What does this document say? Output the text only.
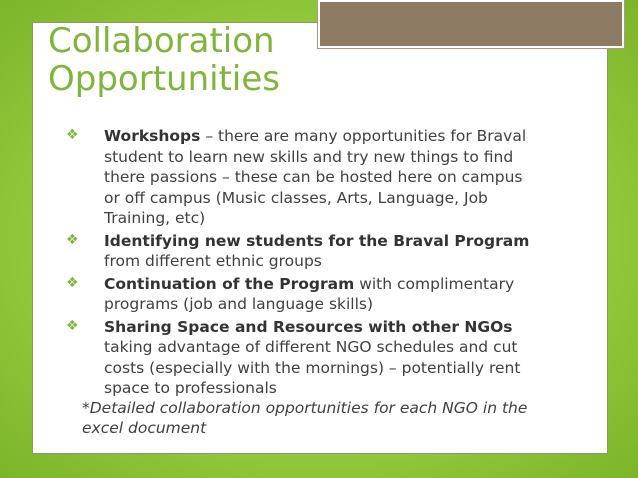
Collaboration
Opportunities
❖ Workshops – there are many opportunities for Braval student to learn new skills and try new things to find there passions – these can be hosted here on campus or off campus (Music classes, Arts, Language, Job Training, etc)
❖ Identifying new students for the Braval Program from different ethnic groups
❖ Continuation of the Program with complimentary programs (job and language skills)
❖ Sharing Space and Resources with other NGOs taking advantage of different NGO schedules and cut costs (especially with the mornings) – potentially rent space to professionals
*Detailed collaboration opportunities for each NGO in the excel document
